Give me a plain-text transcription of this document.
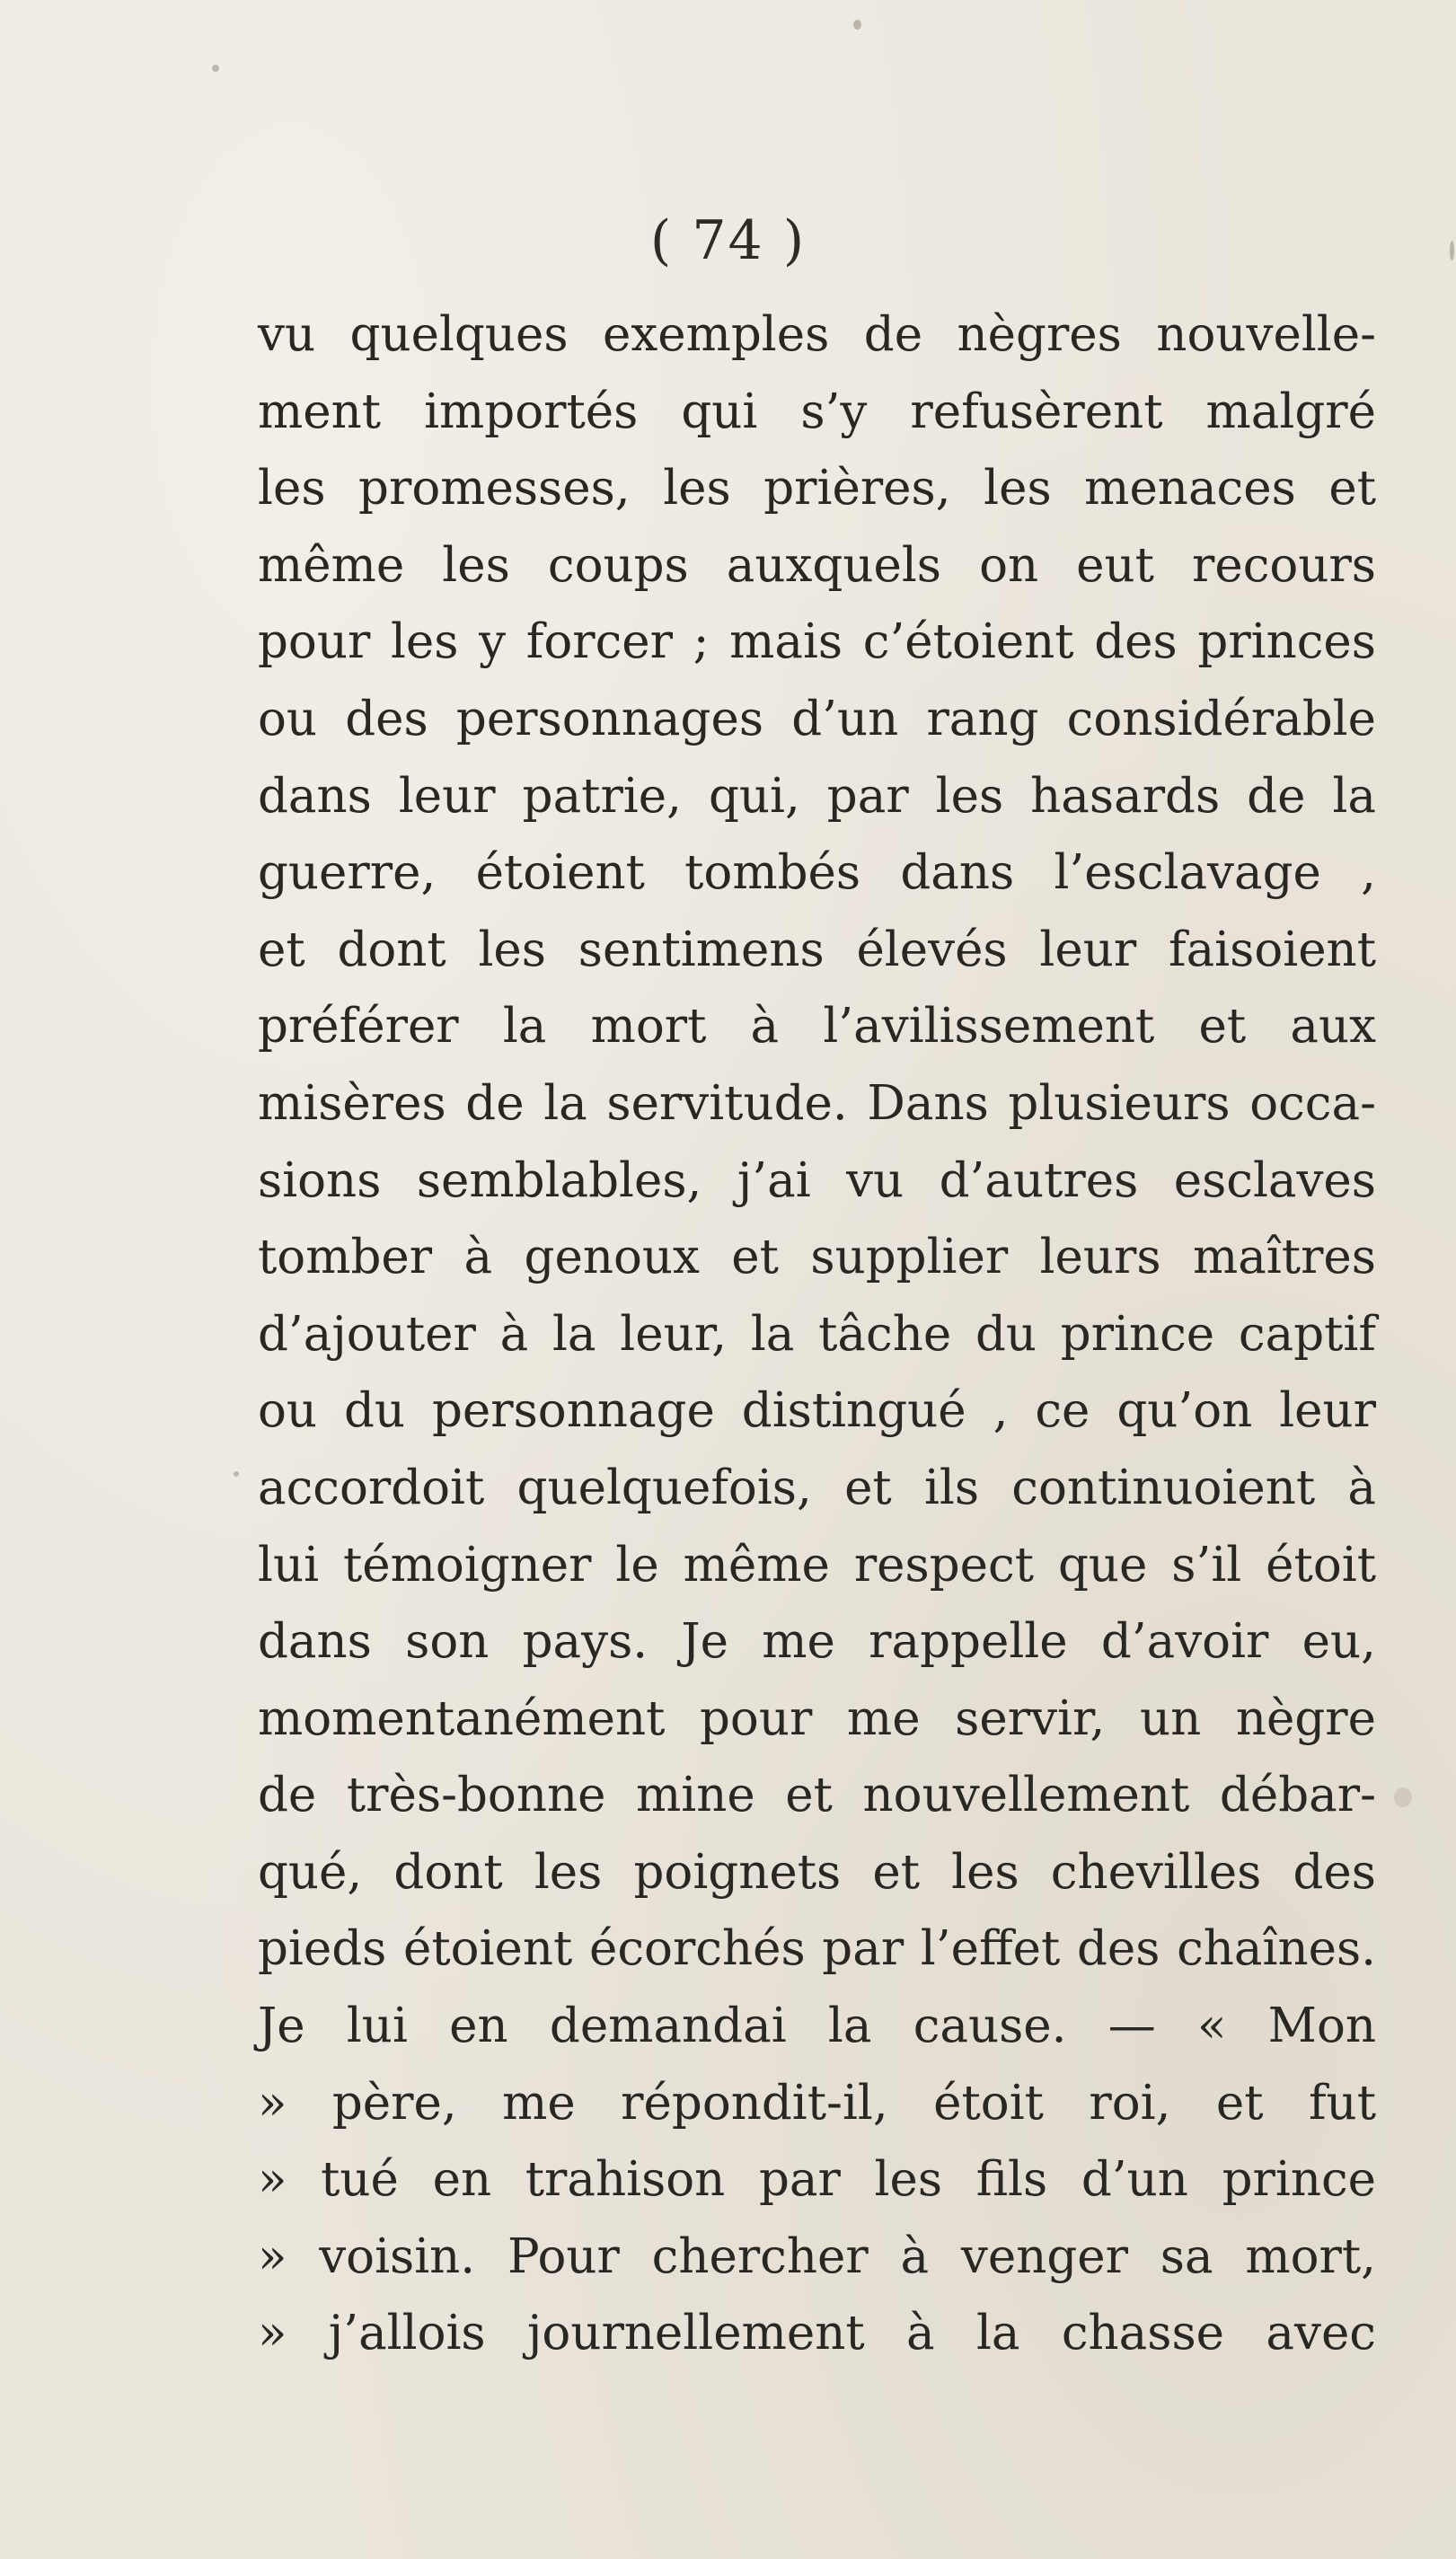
( 74 )
vu quelques exemples de nègres nouvelle-
ment importés qui s’y refusèrent malgré
les promesses, les prières, les menaces et
même les coups auxquels on eut recours
pour les y forcer ; mais c’étoient des princes
ou des personnages d’un rang considérable
dans leur patrie, qui, par les hasards de la
guerre, étoient tombés dans l’esclavage ,
et dont les sentimens élevés leur faisoient
préférer la mort à l’avilissement et aux
misères de la servitude. Dans plusieurs occa-
sions semblables, j’ai vu d’autres esclaves
tomber à genoux et supplier leurs maîtres
d’ajouter à la leur, la tâche du prince captif
ou du personnage distingué , ce qu’on leur
accordoit quelquefois, et ils continuoient à
lui témoigner le même respect que s’il étoit
dans son pays. Je me rappelle d’avoir eu,
momentanément pour me servir, un nègre
de très-bonne mine et nouvellement débar-
qué, dont les poignets et les chevilles des
pieds étoient écorchés par l’effet des chaînes.
Je lui en demandai la cause. — « Mon
» père, me répondit-il, étoit roi, et fut
» tué en trahison par les fils d’un prince
» voisin. Pour chercher à venger sa mort,
» j’allois journellement à la chasse avec
